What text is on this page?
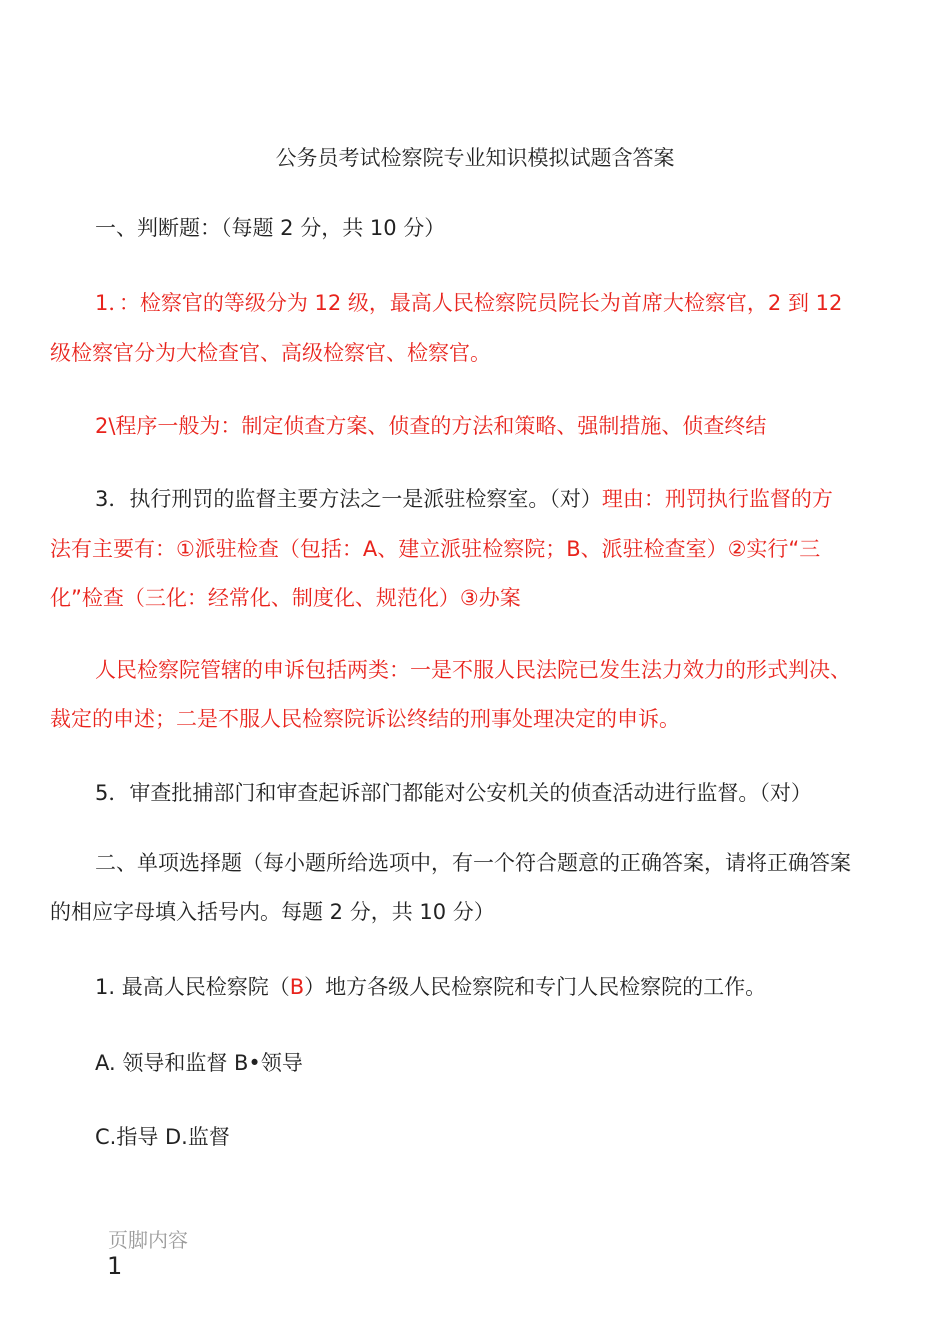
公务员考试检察院专业知识模拟试题含答案
一、判断题：（每题 2 分，共 10 分）
1．：检察官的等级分为 12 级，最高人民检察院员院长为首席大检察官，2 到 12
级检察官分为大检查官、高级检察官、检察官。
2\程序一般为：制定侦查方案、侦查的方法和策略、强制措施、侦查终结
3．执行刑罚的监督主要方法之一是派驻检察室。（对）理由：刑罚执行监督的方
法有主要有：①派驻检查（包括：A、建立派驻检察院；B、派驻检查室）②实行“三
化”检查（三化：经常化、制度化、规范化）③办案
人民检察院管辖的申诉包括两类：一是不服人民法院已发生法力效力的形式判决、
裁定的申述；二是不服人民检察院诉讼终结的刑事处理决定的申诉。
5．审查批捕部门和审查起诉部门都能对公安机关的侦查活动进行监督。（对）
二、单项选择题（每小题所给选项中，有一个符合题意的正确答案，请将正确答案
的相应字母填入括号内。每题 2 分，共 10 分）
1. 最高人民检察院（B）地方各级人民检察院和专门人民检察院的工作。
A. 领导和监督 B•领导
C.指导 D.监督
页脚内容
1
